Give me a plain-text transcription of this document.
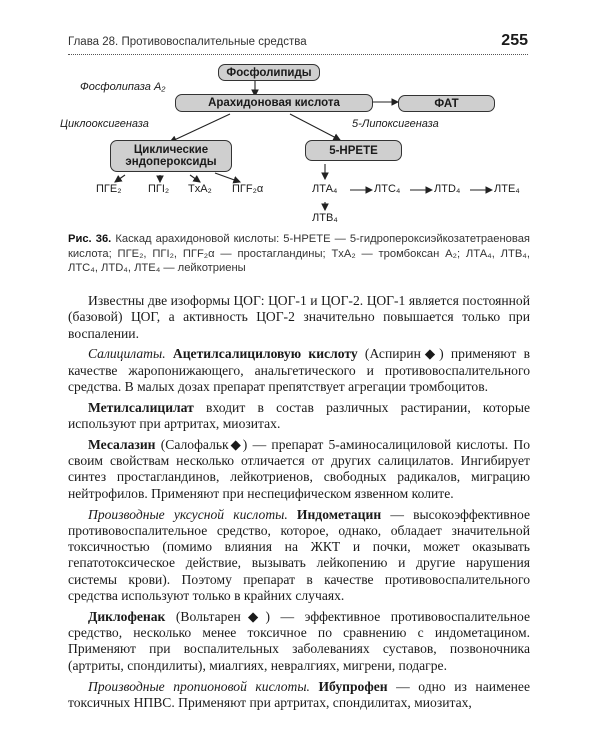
Глава 28. Противовоспалительные средства	255
Фосфолипиды
Фосфолипаза A₂
Арахидоновая кислота	ФАТ
Циклооксигеназа	5-Липоксигеназа
Циклические
эндопероксиды
5-HPETE
ПГЕ₂ ПГI₂ TxA₂ ПГF₂α	ЛТА₄	ЛТС₄	ЛТD₄	ЛТЕ₄
ЛТВ₄
Рис. 36. Каскад арахидоновой кислоты: 5-HPETE — 5-гидропероксиэйкозатетраеновая кислота; ПГЕ₂, ПГI₂, ПГF₂α — простагландины; TxA₂ — тромбоксан A₂; ЛТА₄, ЛТВ₄, ЛТС₄, ЛТD₄, ЛТЕ₄ — лейкотриены

Известны две изоформы ЦОГ: ЦОГ-1 и ЦОГ-2. ЦОГ-1 является постоянной (базовой) ЦОГ, а активность ЦОГ-2 значительно повышается только при воспалении.

Салицилаты. Ацетилсалициловую кислоту (Аспирин◆) применяют в качестве жаропонижающего, анальгетического и противовоспалительного средства. В малых дозах препарат препятствует агрегации тромбоцитов.

Метилсалицилат входит в состав различных растирании, которые используют при артритах, миозитах.

Месалазин (Салофальк◆) — препарат 5-аминосалициловой кислоты. По своим свойствам несколько отличается от других салицилатов. Ингибирует синтез простагландинов, лейкотриенов, свободных радикалов, миграцию нейтрофилов. Применяют при неспецифическом язвенном колите.

Производные уксусной кислоты. Индометацин — высокоэффективное противовоспалительное средство, которое, однако, обладает значительной токсичностью (помимо влияния на ЖКТ и почки, может оказывать гепатотоксическое действие, вызывать лейкопению и другие нарушения системы крови). Поэтому препарат в качестве противовоспалительного средства используют только в крайних случаях.

Диклофенак (Вольтарен◆) — эффективное противовоспалительное средство, несколько менее токсичное по сравнению с индометацином. Применяют при воспалительных заболеваниях суставов, позвоночника (артриты, спондилиты), миалгиях, невралгиях, мигрени, подагре.

Производные пропионовой кислоты. Ибупрофен — одно из наименее токсичных НПВС. Применяют при артритах, спондилитах, миозитах,
